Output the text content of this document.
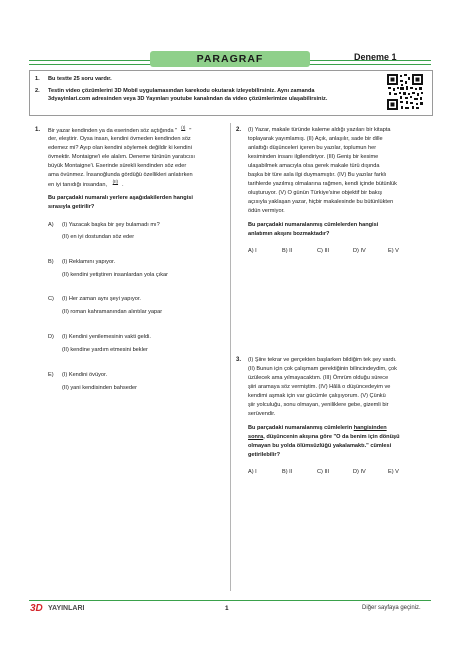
PARAGRAF	Deneme 1
1. Bu testte 25 soru vardır.
2. Testin video çözümlerini 3D Mobil uygulamasından karekodu okutarak izleyebilirsiniz. Aynı zamanda
3dyayinlari.com adresinden veya 3D Yayınları youtube kanalından da video çözümlerimize ulaşabilirsiniz.
1. Bir yazar kendinden ya da eserinden söz açtığında "$^{(I)}$"
der, eleştirir. Oysa insan, kendini övmeden kendinden söz
edemez mi? Ayıp olan kendini söylemek değildir ki kendini
övmektir. Montaigne'i ele alalım. Deneme türünün yaratıcısı
büyük Montaigne'i. Eserinde sürekli kendinden söz eder
ama övünmez. İnsanoğlunda gördüğü özellikleri anlatırken
en iyi tanıdığı insandan, $^{(II)}$.
Bu parçadaki numaralı yerlere aşağıdakilerden hangisi
sırasıyla getirilir?
A) (I) Yazacak başka bir şey bulamadı mı?
(II) en iyi dostundan söz eder
B) (I) Reklamını yapıyor.
(II) kendini yetiştiren insanlardan yola çıkar
C) (I) Her zaman aynı şeyi yapıyor.
(II) roman kahramanından alıntılar yapar
D) (I) Kendini yenilemesinin vakti geldi.
(II) kendine yardım etmesini bekler
E) (I) Kendini övüyor.
(II) yani kendisinden bahseder
2. (I) Yazar, makale türünde kaleme aldığı yazıları bir kitapta
toplayarak yayımlamış. (II) Açık, anlaşılır, sade bir dille
anlattığı düşünceleri içeren bu yazılar, toplumun her
kesiminden insanı ilgilendiriyor. (III) Geniş bir kesime
ulaşabilmek amacıyla olsa gerek makale türü dışında
başka bir türe asla ilgi duymamıştır. (IV) Bu yazılar farklı
tarihlerde yazılmış olmalarına rağmen, kendi içinde bütünlük
oluşturuyor. (V) O günün Türkiye'sine objektif bir bakış
açısıyla yaklaşan yazar, hiçbir makalesinde bu bütünlükten
ödün vermiyor.
Bu parçadaki numaralanmış cümlelerden hangisi
anlatımın akışını bozmaktadır?
A) I	B) II	C) III	D) IV	E) V
3. (I) Şiire tekrar ve gerçekten başlarken bildiğim tek şey vardı.
(II) Bunun için çok çalışmam gerektiğinin bilincindeydim, çok
üzülecek ama yılmayacaktım. (III) Ömrüm olduğu sürece
şiiri aramaya söz vermiştim. (IV) Hâlâ o düşüncedeyim ve
kendimi aşmak için var gücümle çalışıyorum. (V) Çünkü
şiir yolculuğu, sonu olmayan, yeniliklere gebe, gizemli bir
serüvendir.
Bu parçadaki numaralanmış cümlelerin hangisinden
sonra, düşüncenin akışına göre "O da benim için dönüşü
olmayan bu yolda ölümsüzlüğü yakalamaktı." cümlesi
getirilebilir?
A) I	B) II	C) III	D) IV	E) V
3D YAYINLARI	1	Diğer sayfaya geçiniz.
